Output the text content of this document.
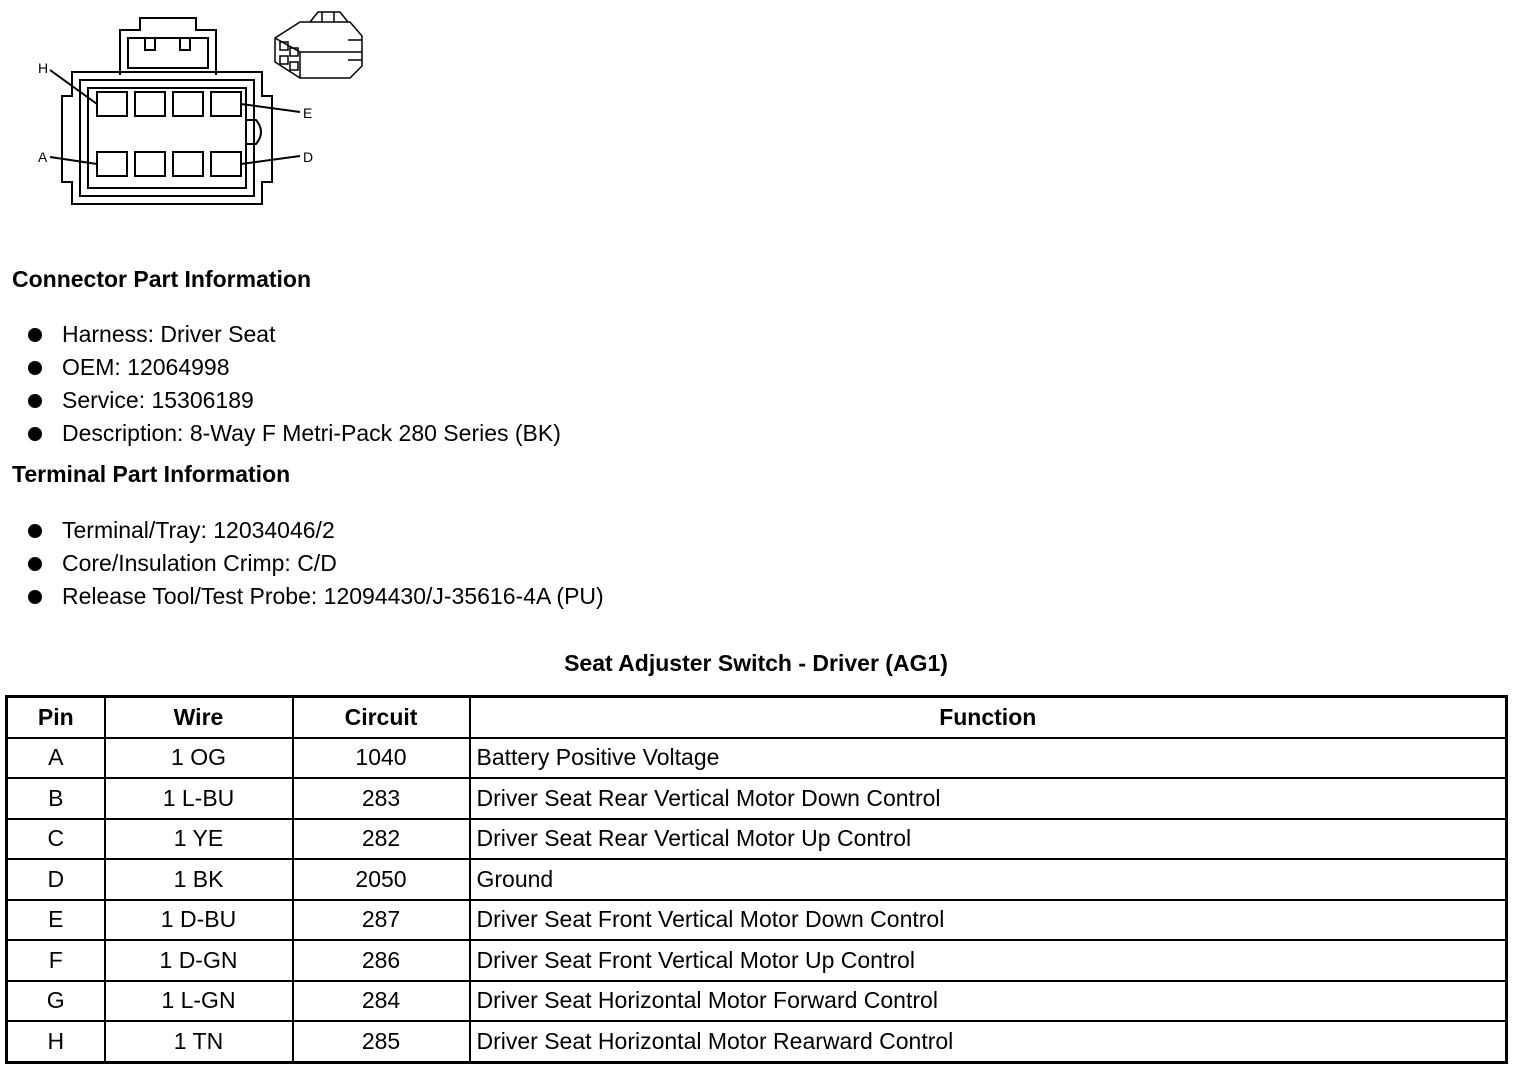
H
E
A	D
Connector Part Information
Harness: Driver Seat
OEM: 12064998
Service: 15306189
Description: 8-Way F Metri-Pack 280 Series (BK)
Terminal Part Information
Terminal/Tray: 12034046/2
Core/Insulation Crimp: C/D
Release Tool/Test Probe: 12094430/J-35616-4A (PU)
Seat Adjuster Switch - Driver (AG1)
Pin	Wire	Circuit	Function
A	1 OG	1040	Battery Positive Voltage
B	1 L-BU	283	Driver Seat Rear Vertical Motor Down Control
C	1 YE	282	Driver Seat Rear Vertical Motor Up Control
D	1 BK	2050	Ground
E	1 D-BU	287	Driver Seat Front Vertical Motor Down Control
F	1 D-GN	286	Driver Seat Front Vertical Motor Up Control
G	1 L-GN	284	Driver Seat Horizontal Motor Forward Control
H	1 TN	285	Driver Seat Horizontal Motor Rearward Control
